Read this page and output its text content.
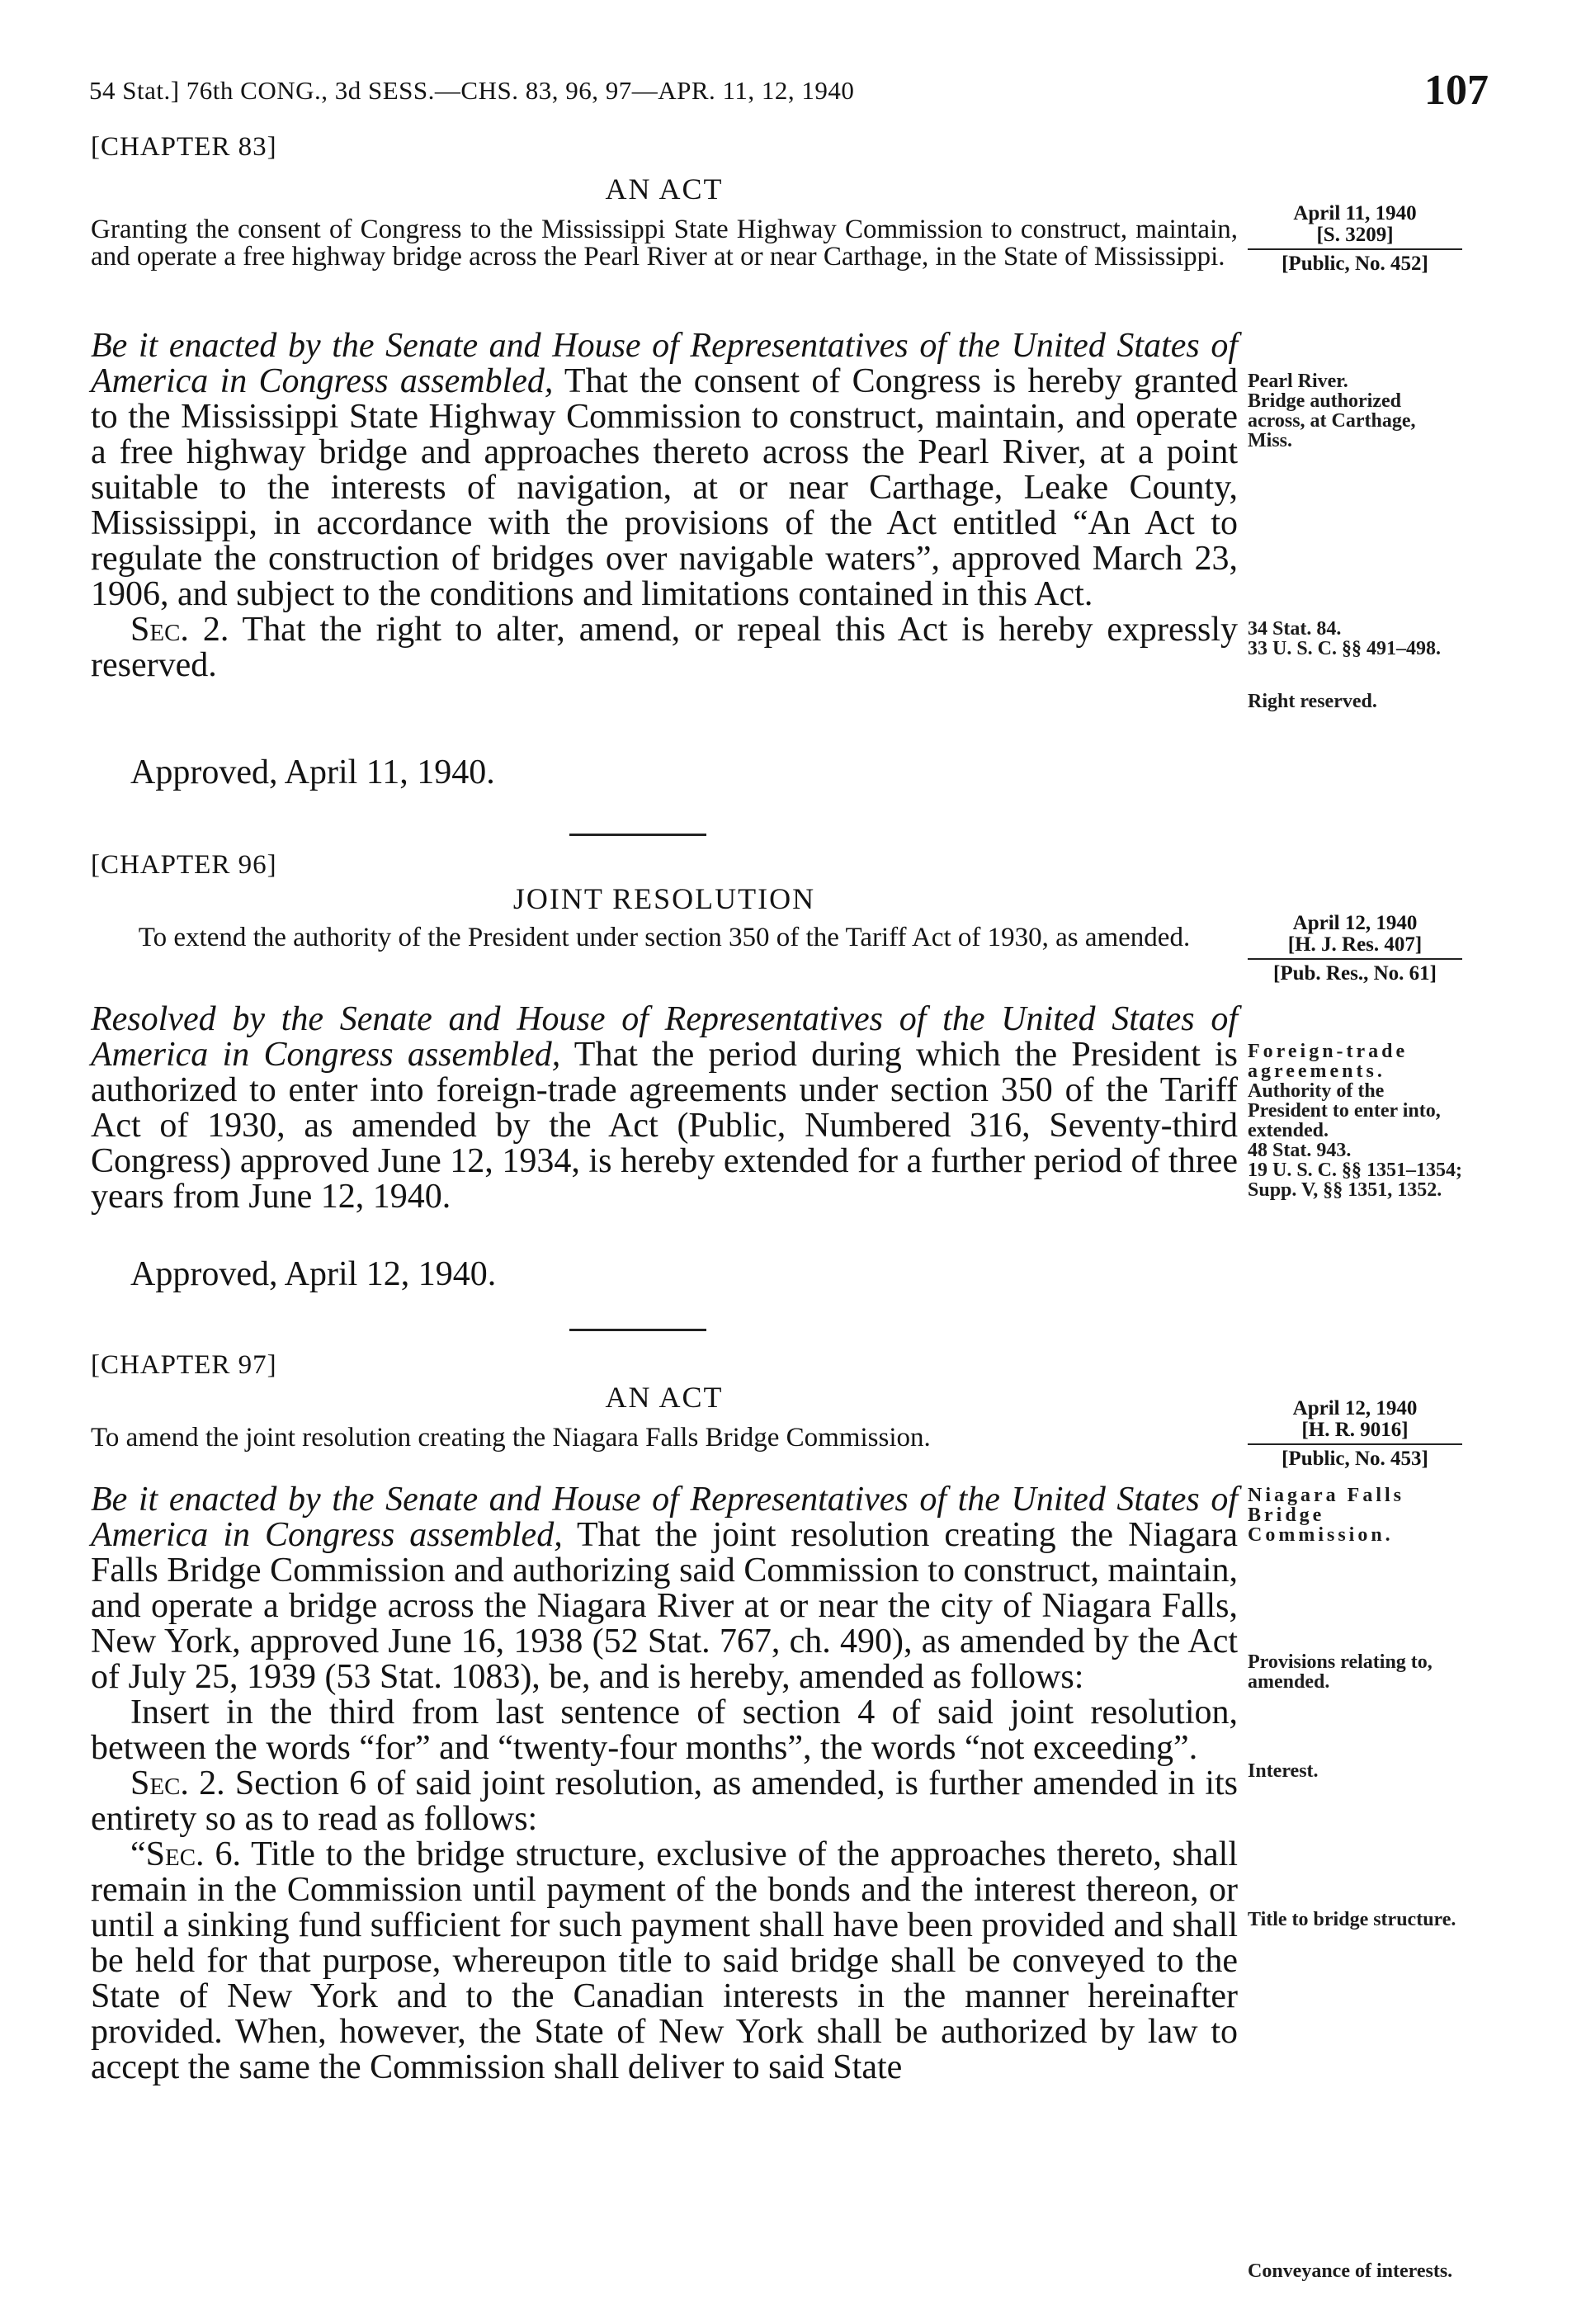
54 Stat.] 76th CONG., 3d SESS.—CHS. 83, 96, 97—APR. 11, 12, 1940	107
[CHAPTER 83]
AN ACT
Granting the consent of Congress to the Mississippi State Highway Commission to construct, maintain, and operate a free highway bridge across the Pearl River at or near Carthage, in the State of Mississippi.
April 11, 1940

[S. 3209]
[Public, No. 452]

Be it enacted by the Senate and House of Representatives of the United States of America in Congress assembled, That the consent of Congress is hereby granted to the Mississippi State Highway Commission to construct, maintain, and operate a free highway bridge and approaches thereto across the Pearl River, at a point suitable to the interests of navigation, at or near Carthage, Leake County, Mississippi, in accordance with the provisions of the Act entitled “An Act to regulate the construction of bridges over navigable waters”, approved March 23, 1906, and subject to the conditions and limitations contained in this Act.

Sec. 2. That the right to alter, amend, or repeal this Act is hereby expressly reserved.

Approved, April 11, 1940.

Pearl River.

Bridge authorized across, at Carthage, Miss.

34 Stat. 84.

33 U. S. C. §§ 491–498.

Right reserved.
[CHAPTER 96]
JOINT RESOLUTION
To extend the authority of the President under section 350 of the Tariff Act of 1930, as amended.	April 12, 1940

[H. J. Res. 407]
[Pub. Res., No. 61]

Resolved by the Senate and House of Representatives of the United States of America in Congress assembled, That the period during which the President is authorized to enter into foreign-trade agreements under section 350 of the Tariff Act of 1930, as amended by the Act (Public, Numbered 316, Seventy-third Congress) approved June 12, 1934, is hereby extended for a further period of three years from June 12, 1940.

Approved, April 12, 1940.

Foreign-trade agreements.

Authority of the President to enter into, extended.

48 Stat. 943.

19 U. S. C. §§ 1351–1354; Supp. V, §§ 1351, 1352.

[CHAPTER 97]
AN ACT
To amend the joint resolution creating the Niagara Falls Bridge Commission.
April 12, 1940

[H. R. 9016]
[Public, No. 453]

Be it enacted by the Senate and House of Representatives of the United States of America in Congress assembled, That the joint resolution creating the Niagara Falls Bridge Commission and authorizing said Commission to construct, maintain, and operate a bridge across the Niagara River at or near the city of Niagara Falls, New York, approved June 16, 1938 (52 Stat. 767, ch. 490), as amended by the Act of July 25, 1939 (53 Stat. 1083), be, and is hereby, amended as follows:

Insert in the third from last sentence of section 4 of said joint resolution, between the words “for” and “twenty-four months”, the words “not exceeding”.

Sec. 2. Section 6 of said joint resolution, as amended, is further amended in its entirety so as to read as follows:

“Sec. 6. Title to the bridge structure, exclusive of the approaches thereto, shall remain in the Commission until payment of the bonds and the interest thereon, or until a sinking fund sufficient for such payment shall have been provided and shall be held for that purpose, whereupon title to said bridge shall be conveyed to the State of New York and to the Canadian interests in the manner hereinafter provided. When, however, the State of New York shall be authorized by law to accept the same the Commission shall deliver to said State

Niagara Falls Bridge Commission.

Provisions relating to, amended.
Interest.
Title to bridge structure.
Conveyance of interests.
